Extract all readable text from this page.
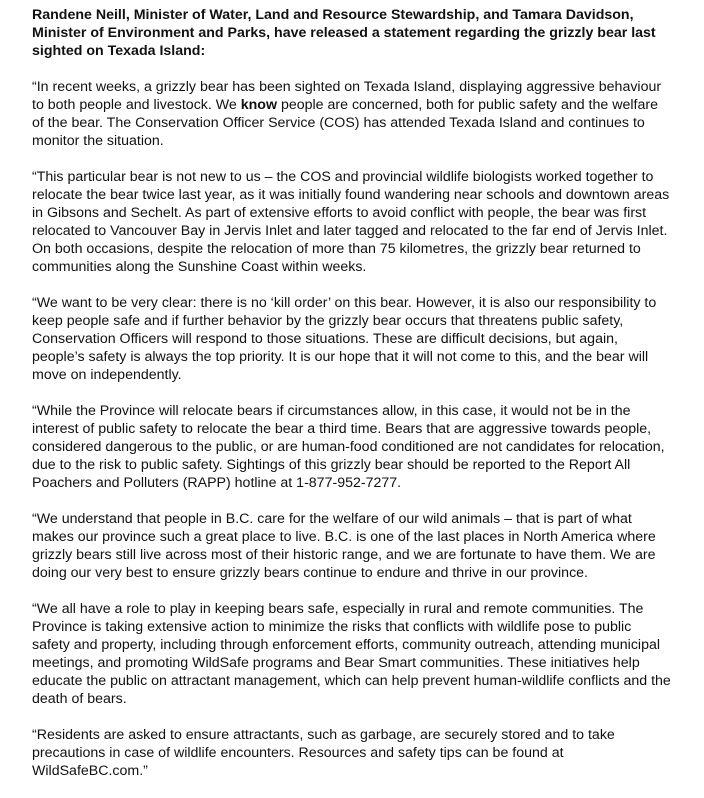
Randene Neill, Minister of Water, Land and Resource Stewardship, and Tamara Davidson, Minister of Environment and Parks, have released a statement regarding the grizzly bear last sighted on Texada Island:

“In recent weeks, a grizzly bear has been sighted on Texada Island, displaying aggressive behaviour to both people and livestock. We know people are concerned, both for public safety and the welfare of the bear. The Conservation Officer Service (COS) has attended Texada Island and continues to monitor the situation.

“This particular bear is not new to us – the COS and provincial wildlife biologists worked together to relocate the bear twice last year, as it was initially found wandering near schools and downtown areas in Gibsons and Sechelt. As part of extensive efforts to avoid conflict with people, the bear was first relocated to Vancouver Bay in Jervis Inlet and later tagged and relocated to the far end of Jervis Inlet. On both occasions, despite the relocation of more than 75 kilometres, the grizzly bear returned to communities along the Sunshine Coast within weeks.

“We want to be very clear: there is no ‘kill order’ on this bear. However, it is also our responsibility to keep people safe and if further behavior by the grizzly bear occurs that threatens public safety, Conservation Officers will respond to those situations. These are difficult decisions, but again, people’s safety is always the top priority. It is our hope that it will not come to this, and the bear will move on independently.

“While the Province will relocate bears if circumstances allow, in this case, it would not be in the interest of public safety to relocate the bear a third time. Bears that are aggressive towards people, considered dangerous to the public, or are human-food conditioned are not candidates for relocation, due to the risk to public safety. Sightings of this grizzly bear should be reported to the Report All Poachers and Polluters (RAPP) hotline at 1-877-952-7277.

“We understand that people in B.C. care for the welfare of our wild animals – that is part of what makes our province such a great place to live. B.C. is one of the last places in North America where grizzly bears still live across most of their historic range, and we are fortunate to have them. We are doing our very best to ensure grizzly bears continue to endure and thrive in our province.

“We all have a role to play in keeping bears safe, especially in rural and remote communities. The Province is taking extensive action to minimize the risks that conflicts with wildlife pose to public safety and property, including through enforcement efforts, community outreach, attending municipal meetings, and promoting WildSafe programs and Bear Smart communities. These initiatives help educate the public on attractant management, which can help prevent human-wildlife conflicts and the death of bears.

“Residents are asked to ensure attractants, such as garbage, are securely stored and to take precautions in case of wildlife encounters. Resources and safety tips can be found at WildSafeBC.com.”
